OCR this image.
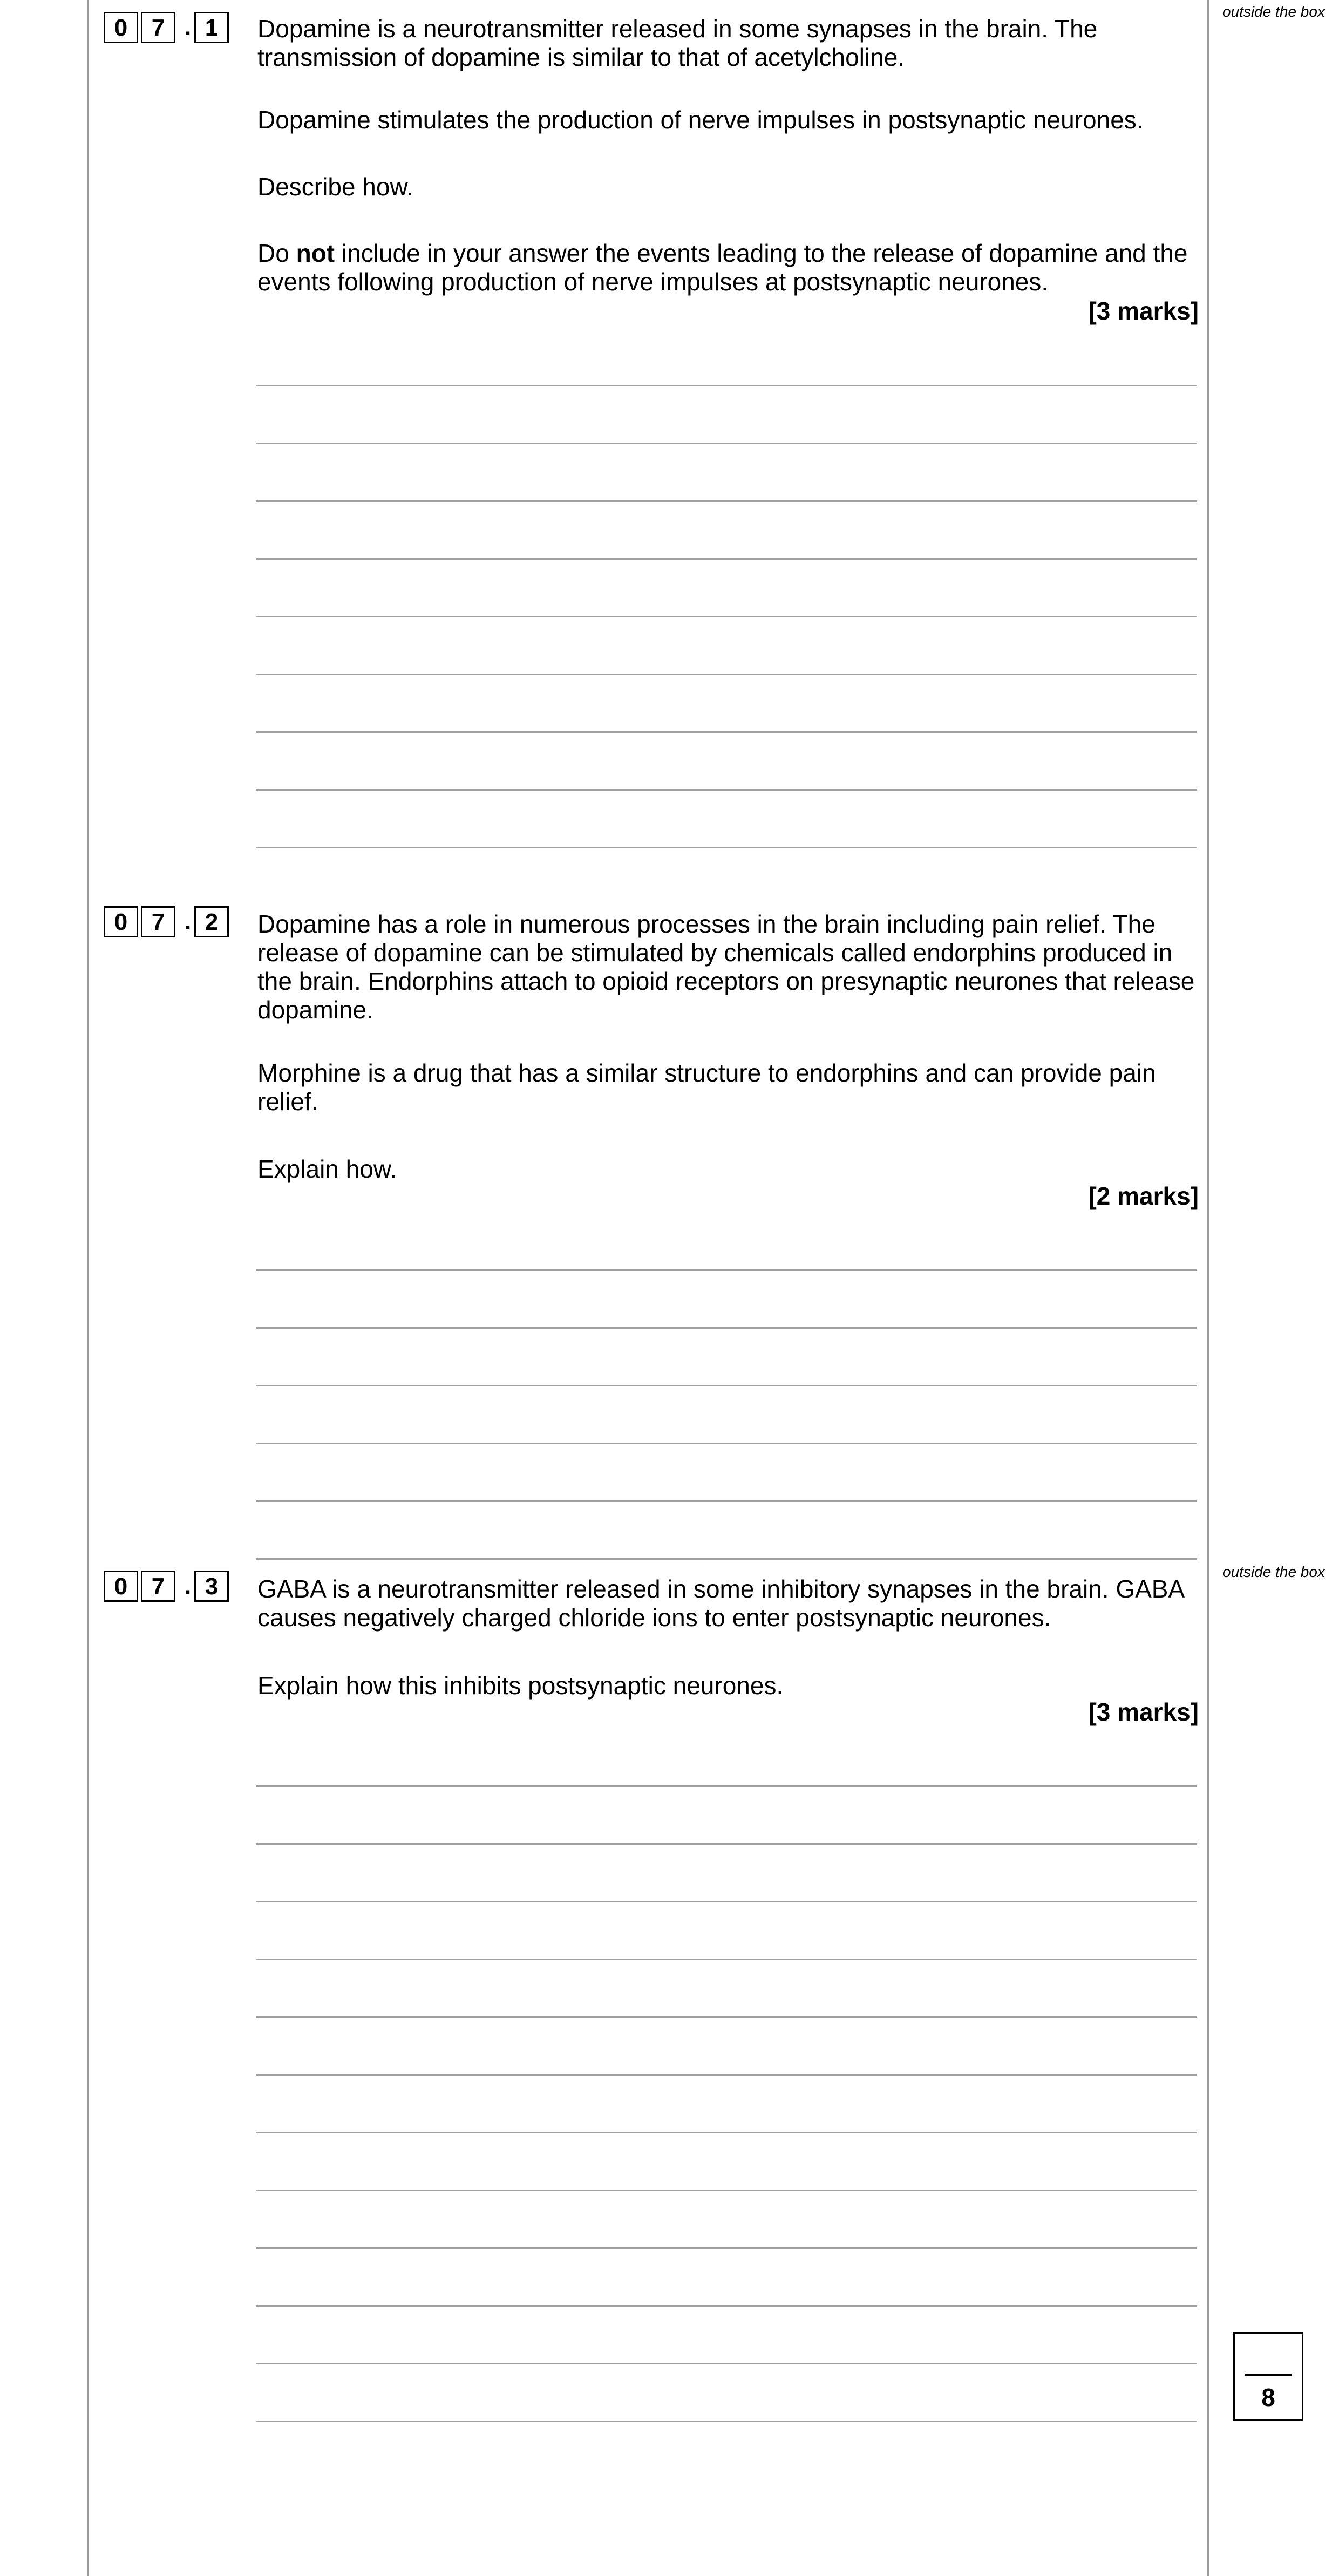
outside the box
outside the box
0	7 . 1	Dopamine is a neurotransmitter released in some synapses in the brain. The transmission of dopamine is similar to that of acetylcholine.
Dopamine stimulates the production of nerve impulses in postsynaptic neurones.
Describe how.
Do not include in your answer the events leading to the release of dopamine and the events following production of nerve impulses at postsynaptic neurones.
[3 marks]
0	7 . 2	Dopamine has a role in numerous processes in the brain including pain relief. The release of dopamine can be stimulated by chemicals called endorphins produced in the brain. Endorphins attach to opioid receptors on presynaptic neurones that release dopamine.
Morphine is a drug that has a similar structure to endorphins and can provide pain relief.
Explain how.
[2 marks]
0	7 . 3	GABA is a neurotransmitter released in some inhibitory synapses in the brain. GABA causes negatively charged chloride ions to enter postsynaptic neurones.
Explain how this inhibits postsynaptic neurones.
[3 marks]
8
